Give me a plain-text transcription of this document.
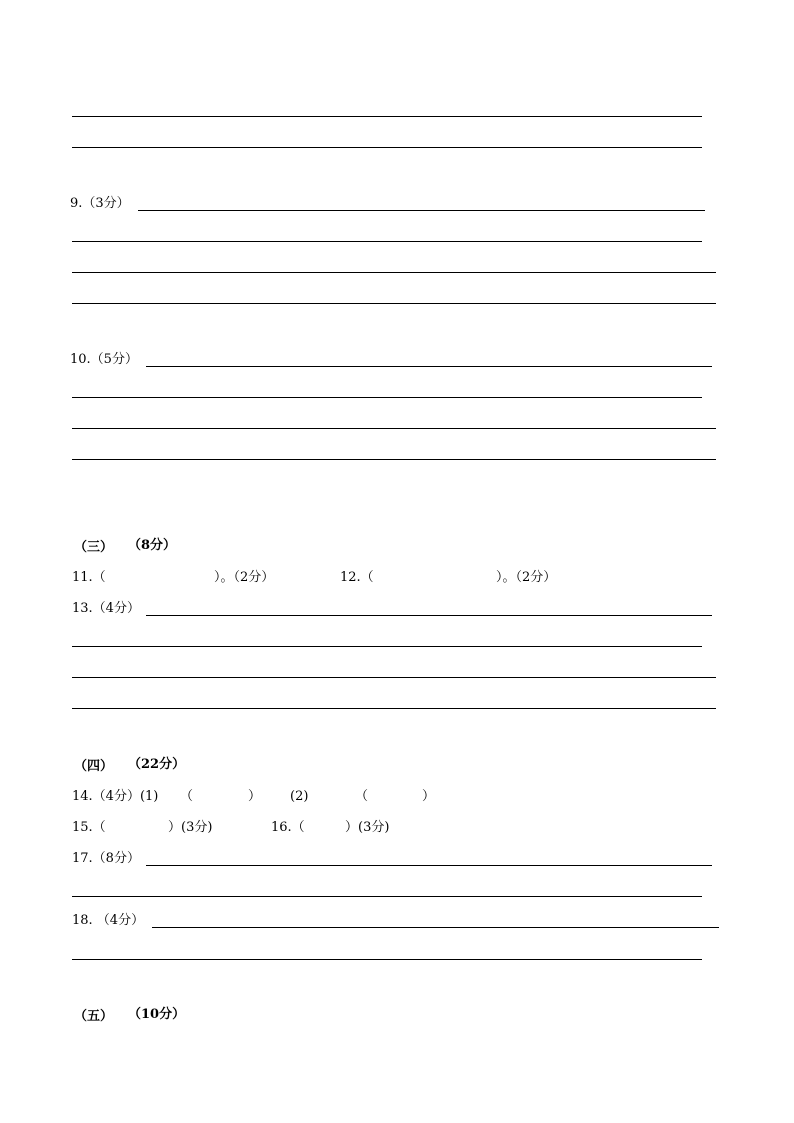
9.（3分）
10.（5分）
（三） （8分）
11.（	）。（2分）	12.（	）。（2分）
13.（4分）
（四） （22分）
14.（4分）(1) （	） (2)	（	）
15.（	）(3分)	16.（	）(3分)
17.（8分）
18. （4分）
（五） （10分）
